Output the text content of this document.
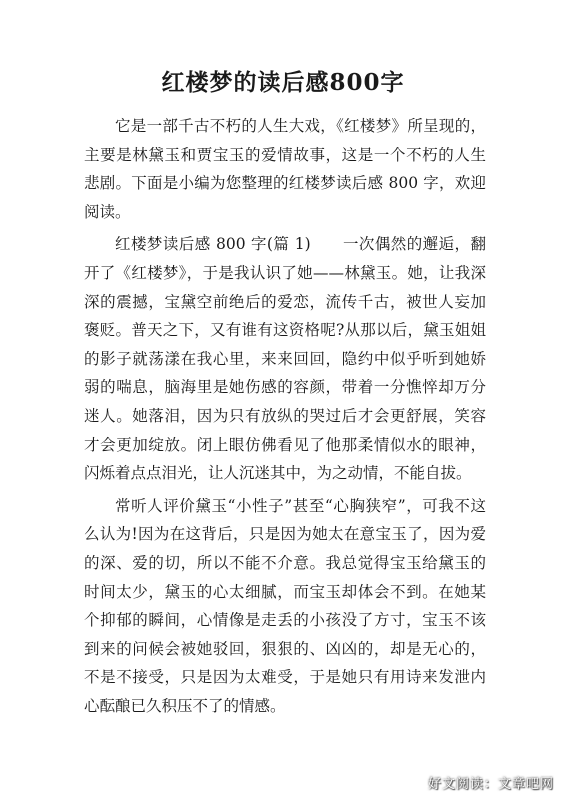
红楼梦的读后感800字

它是一部千古不朽的人生大戏，《红楼梦》所呈现的，主要是林黛玉和贾宝玉的爱情故事，这是一个不朽的人生悲剧。下面是小编为您整理的红楼梦读后感 800 字，欢迎阅读。

红楼梦读后感 800 字(篇 1)　　一次偶然的邂逅，翻开了《红楼梦》，于是我认识了她——林黛玉。她，让我深深的震撼，宝黛空前绝后的爱恋，流传千古，被世人妄加褒贬。普天之下，又有谁有这资格呢?从那以后，黛玉姐姐的影子就荡漾在我心里，来来回回，隐约中似乎听到她娇弱的喘息，脑海里是她伤感的容颜，带着一分憔悴却万分迷人。她落泪，因为只有放纵的哭过后才会更舒展，笑容才会更加绽放。闭上眼仿佛看见了他那柔情似水的眼神，闪烁着点点泪光，让人沉迷其中，为之动情，不能自拔。

常听人评价黛玉“小性子”甚至“心胸狭窄”，可我不这么认为!因为在这背后，只是因为她太在意宝玉了，因为爱的深、爱的切，所以不能不介意。我总觉得宝玉给黛玉的时间太少，黛玉的心太细腻，而宝玉却体会不到。在她某个抑郁的瞬间，心情像是走丢的小孩没了方寸，宝玉不该到来的问候会被她驳回，狠狠的、凶凶的，却是无心的，不是不接受，只是因为太难受，于是她只有用诗来发泄内心酝酿已久积压不了的情感。

好文阅读：文章吧网
